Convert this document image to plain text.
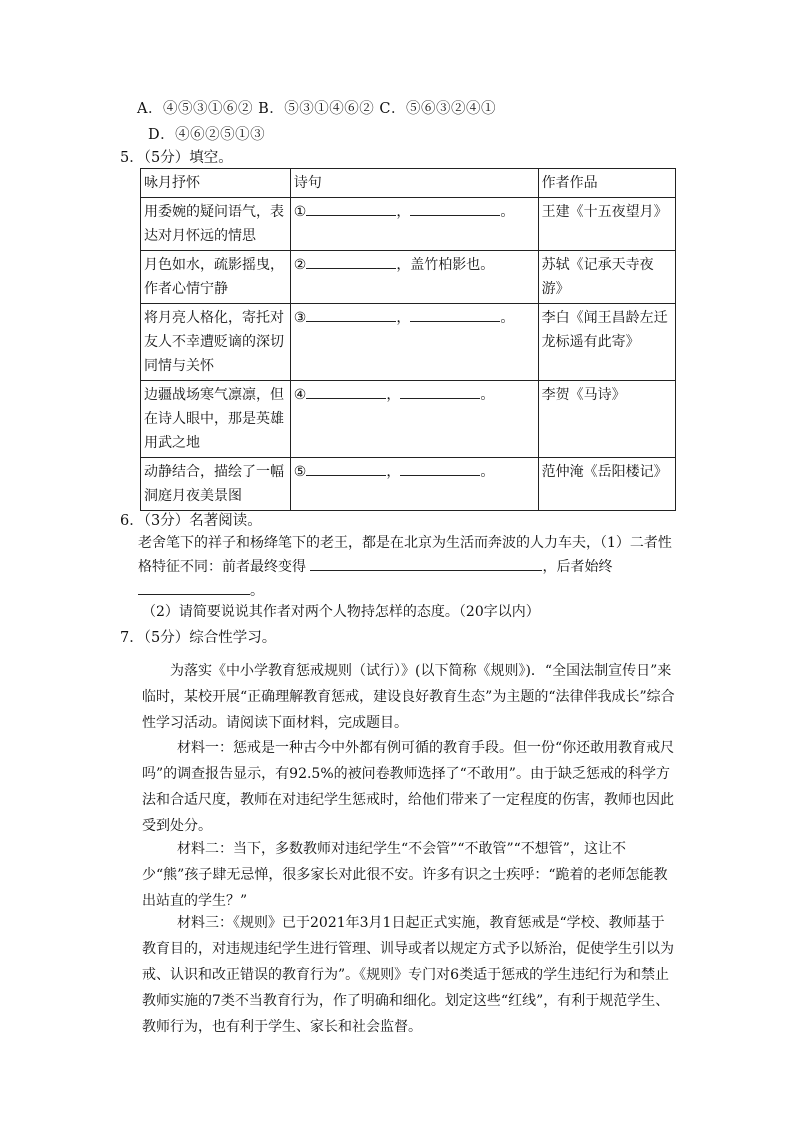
A．④⑤③①⑥② B．⑤③①④⑥② C．⑤⑥③②④①
D．④⑥②⑤①③
5．（5分）填空。
咏月抒怀	诗句	作者作品
用委婉的疑问语气，表达对月怀远的情思	① ， 。	王建《十五夜望月》
月色如水，疏影摇曳，作者心情宁静	② ，盖竹柏影也。	苏轼《记承天寺夜游》
将月亮人格化，寄托对友人不幸遭贬谪的深切同情与关怀	③ ， 。	李白《闻王昌龄左迁龙标遥有此寄》
边疆战场寒气凛凛，但在诗人眼中，那是英雄用武之地	④ ， 。	李贺《马诗》
动静结合，描绘了一幅洞庭月夜美景图	⑤ ， 。	范仲淹《岳阳楼记》
6．（3分）名著阅读。
老舍笔下的祥子和杨绛笔下的老王，都是在北京为生活而奔波的人力车夫，（1）二者性格特征不同：前者最终变得	，后者始终。
（2）请简要说说其作者对两个人物持怎样的态度。（20字以内）
7．（5分）综合性学习。
为落实《中小学教育惩戒规则（试行）》(以下简称《规则》)．“全国法制宣传日”来临时，某校开展“正确理解教育惩戒，建设良好教育生态”为主题的“法律伴我成长”综合性学习活动。请阅读下面材料，完成题目。
材料一：惩戒是一种古今中外都有例可循的教育手段。但一份“你还敢用教育戒尺吗”的调查报告显示，有92.5%的被问卷教师选择了“不敢用”。由于缺乏惩戒的科学方法和合适尺度，教师在对违纪学生惩戒时，给他们带来了一定程度的伤害，教师也因此受到处分。
材料二：当下，多数教师对违纪学生“不会管”“不敢管”“不想管”，这让不少“熊”孩子肆无忌惮，很多家长对此很不安。许多有识之士疾呼：“跪着的老师怎能教出站直的学生？”
材料三：《规则》已于2021年3月1日起正式实施，教育惩戒是“学校、教师基于教育目的，对违规违纪学生进行管理、训导或者以规定方式予以矫治，促使学生引以为戒、认识和改正错误的教育行为”。《规则》专门对6类适于惩戒的学生违纪行为和禁止教师实施的7类不当教育行为，作了明确和细化。划定这些“红线”，有利于规范学生、教师行为，也有利于学生、家长和社会监督。
